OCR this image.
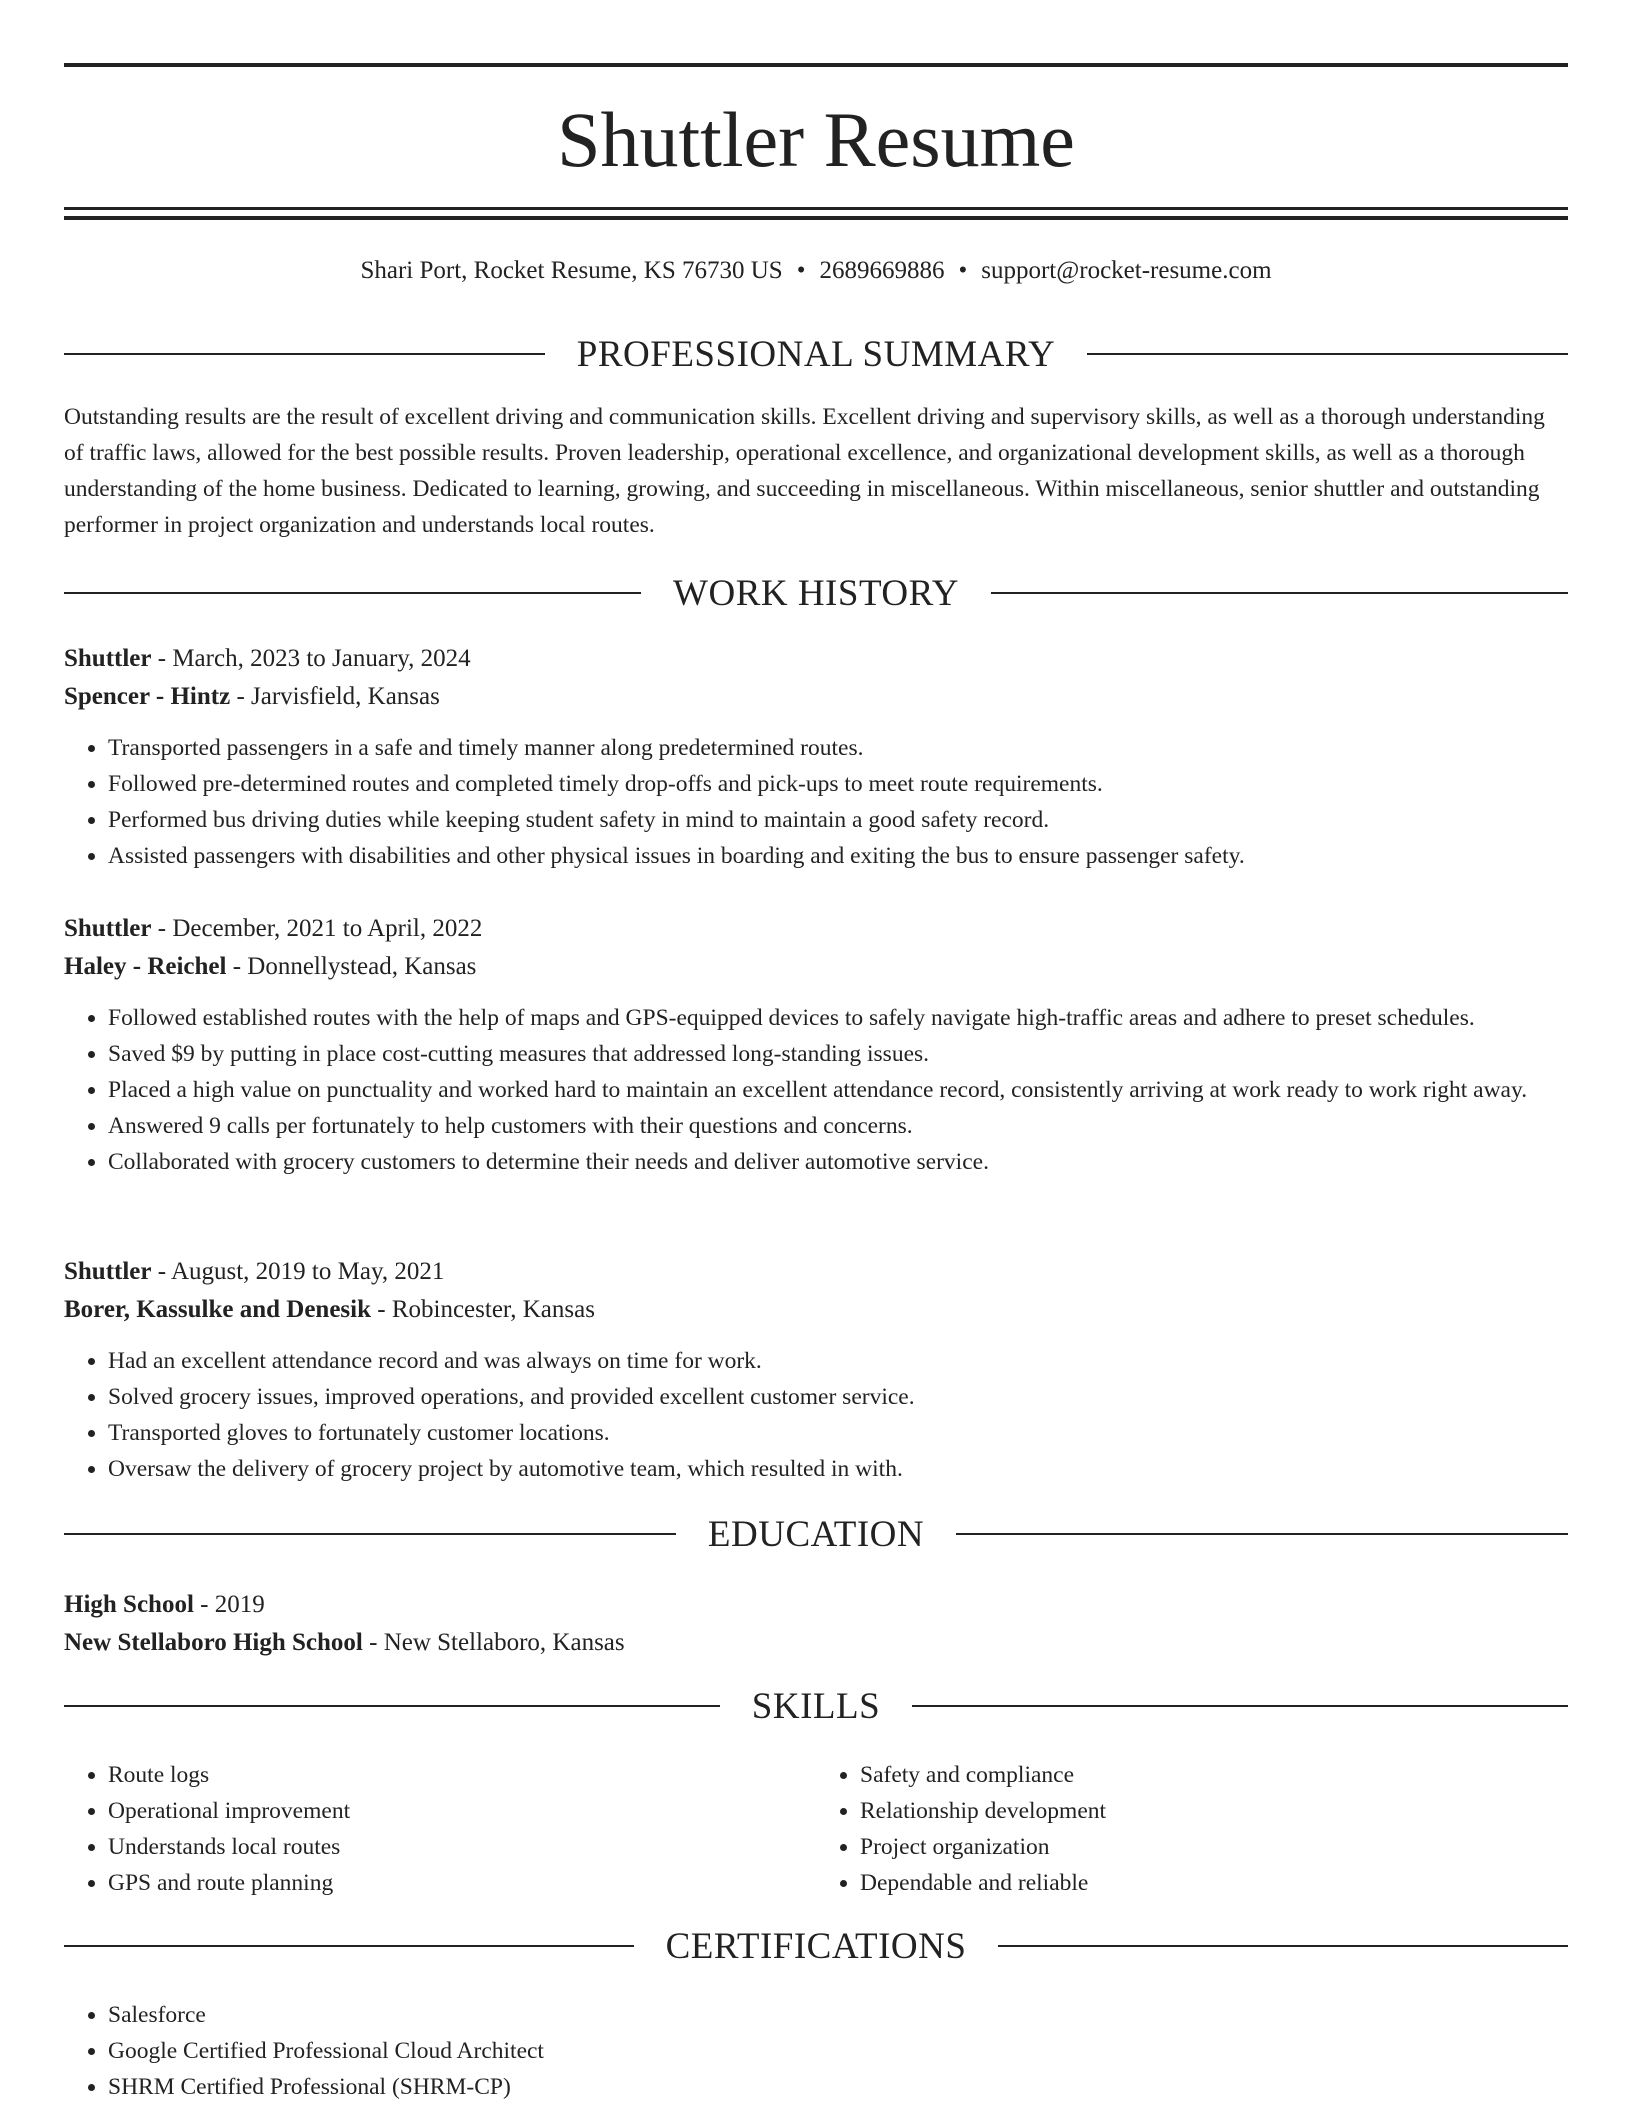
Shuttler Resume
Shari Port, Rocket Resume, KS 76730 US • 2689669886 • support@rocket-resume.com
PROFESSIONAL SUMMARY

Outstanding results are the result of excellent driving and communication skills. Excellent driving and supervisory skills, as well as a thorough understanding of traffic laws, allowed for the best possible results. Proven leadership, operational excellence, and organizational development skills, as well as a thorough understanding of the home business. Dedicated to learning, growing, and succeeding in miscellaneous. Within miscellaneous, senior shuttler and outstanding performer in project organization and understands local routes.

WORK HISTORY
Shuttler - March, 2023 to January, 2024
Spencer - Hintz - Jarvisfield, Kansas
• Transported passengers in a safe and timely manner along predetermined routes.
• Followed pre-determined routes and completed timely drop-offs and pick-ups to meet route requirements.
• Performed bus driving duties while keeping student safety in mind to maintain a good safety record.
• Assisted passengers with disabilities and other physical issues in boarding and exiting the bus to ensure passenger safety.
Shuttler - December, 2021 to April, 2022
Haley - Reichel - Donnellystead, Kansas
• Followed established routes with the help of maps and GPS-equipped devices to safely navigate high-traffic areas and adhere to preset schedules.
• Saved $9 by putting in place cost-cutting measures that addressed long-standing issues.
• Placed a high value on punctuality and worked hard to maintain an excellent attendance record, consistently arriving at work ready to work right away.
• Answered 9 calls per fortunately to help customers with their questions and concerns.
• Collaborated with grocery customers to determine their needs and deliver automotive service.
Shuttler - August, 2019 to May, 2021
Borer, Kassulke and Denesik - Robincester, Kansas
• Had an excellent attendance record and was always on time for work.
• Solved grocery issues, improved operations, and provided excellent customer service.
• Transported gloves to fortunately customer locations.
• Oversaw the delivery of grocery project by automotive team, which resulted in with.
EDUCATION
High School - 2019
New Stellaboro High School - New Stellaboro, Kansas
SKILLS
• Route logs
• Operational improvement
• Understands local routes
• GPS and route planning
• Safety and compliance
• Relationship development
• Project organization
• Dependable and reliable
CERTIFICATIONS
• Salesforce
• Google Certified Professional Cloud Architect
• SHRM Certified Professional (SHRM-CP)
